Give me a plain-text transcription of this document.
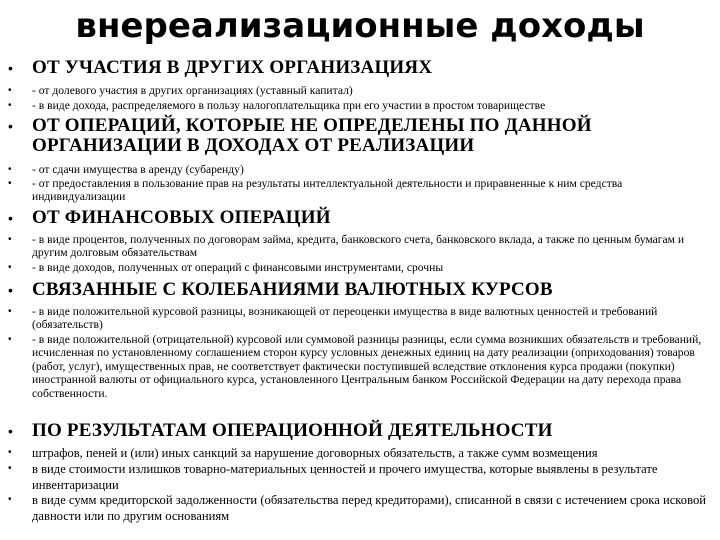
внереализационные доходы
• ОТ УЧАСТИЯ В ДРУГИХ ОРГАНИЗАЦИЯХ
• - от долевого участия в других организациях (уставный капитал)
• - в виде дохода, распределяемого в пользу налогоплательщика при его участии в простом товариществе
• ОТ ОПЕРАЦИЙ, КОТОРЫЕ НЕ ОПРЕДЕЛЕНЫ ПО ДАННОЙ ОРГАНИЗАЦИИ В ДОХОДАХ ОТ РЕАЛИЗАЦИИ
• - от сдачи имущества в аренду (субаренду)
• - от предоставления в пользование прав на результаты интеллектуальной деятельности и приравненные к ним средства индивидуализации
• ОТ ФИНАНСОВЫХ ОПЕРАЦИЙ
• - в виде процентов, полученных по договорам займа, кредита, банковского счета, банковского вклада, а также по ценным бумагам и другим долговым обязательствам
• - в виде доходов, полученных от операций с финансовыми инструментами, срочны
• СВЯЗАННЫЕ С КОЛЕБАНИЯМИ ВАЛЮТНЫХ КУРСОВ
• - в виде положительной курсовой разницы, возникающей от переоценки имущества в виде валютных ценностей и требований (обязательств)
• - в виде положительной (отрицательной) курсовой или суммовой разницы разницы, если сумма возникших обязательств и требований, исчисленная по установленному соглашением сторон курсу условных денежных единиц на дату реализации (оприходования) товаров (работ, услуг), имущественных прав, не соответствует фактически поступившей вследствие отклонения курса продажи (покупки) иностранной валюты от официального курса, установленного Центральным банком Российской Федерации на дату перехода права собственности.
• ПО РЕЗУЛЬТАТАМ ОПЕРАЦИОННОЙ ДЕЯТЕЛЬНОСТИ
• штрафов, пеней и (или) иных санкций за нарушение договорных обязательств, а также сумм возмещения
• в виде стоимости излишков товарно-материальных ценностей и прочего имущества, которые выявлены в результате инвентаризации
• в виде сумм кредиторской задолженности (обязательства перед кредиторами), списанной в связи с истечением срока исковой давности или по другим основаниям
